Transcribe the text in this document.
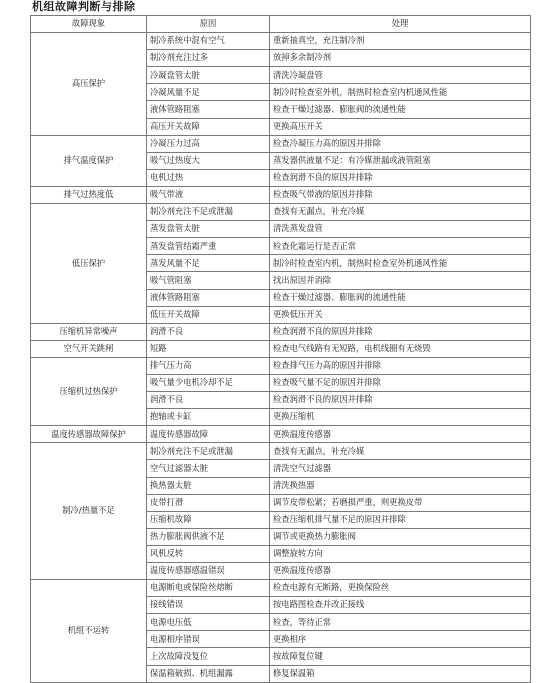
机组故障判断与排除
故障现象	原因	处理
高压保护	制冷系统中混有空气	重新抽真空，充注制冷剂
	制冷剂充注过多	放掉多余制冷剂
	冷凝盘管太脏	清洗冷凝盘管
	冷凝风量不足	制冷时检查室外机，制热时检查室内机通风性能
	液体管路阻塞	检查干燥过滤器、膨胀阀的流通性能
	高压开关故障	更换高压开关
排气温度保护	冷凝压力过高	检查冷凝压力高的原因并排除
	吸气过热度大	蒸发器供液量不足：有冷媒泄漏或液管阻塞
	电机过热	检查润滑不良的原因并排除
排气过热度低	吸气带液	检查吸气带液的原因并排除
低压保护	制冷剂充注不足或泄漏	查找有无漏点，补充冷媒
	蒸发盘管太脏	清洗蒸发盘管
	蒸发盘管结霜严重	检查化霜运行是否正常
	蒸发风量不足	制冷时检查室内机，制热时检查室外机通风性能
	吸气管阻塞	找出原因并消除
	液体管路阻塞	检查干燥过滤器、膨胀阀的流通性能
	低压开关故障	更换低压开关
压缩机异常噪声	润滑不良	检查润滑不良的原因并排除
空气开关跳闸	短路	检查电气线路有无短路，电机线圈有无烧毁
压缩机过热保护	排气压力高	检查排气压力高的原因并排除
	吸气量少电机冷却不足	检查吸气量不足的原因并排除
	润滑不良	检查润滑不良的原因并排除
	抱轴或卡缸	更换压缩机
温度传感器故障保护	温度传感器故障	更换温度传感器
制冷/热量不足	制冷剂充注不足或泄漏	查找有无漏点，补充冷媒
	空气过滤器太脏	清洗空气过滤器
	换热器太脏	清洗换热器
	皮带打滑	调节皮带松紧；若磨损严重，则更换皮带
	压缩机故障	检查压缩机排气量不足的原因并排除
	热力膨胀阀供液不足	调节或更换热力膨胀阀
	风机反转	调整旋转方向
	温度传感器感温错误	更换温度传感器
机组不运转	电源断电或保险丝熔断	检查电源有无断路，更换保险丝
	接线错误	按电路图检查并改正接线
	电源电压低	检查，等待正常
	电源相序错误	更换相序
	上次故障没复位	按故障复位键
	保温箱破损、机组漏露	修复保温箱
